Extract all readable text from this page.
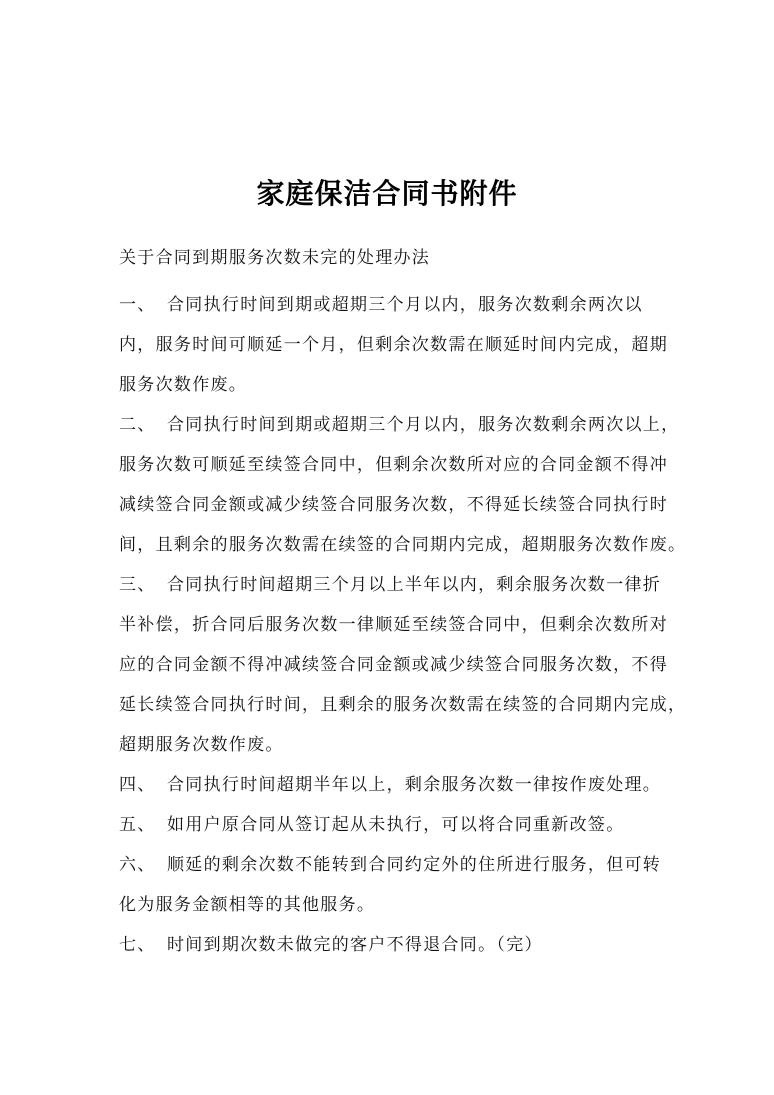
家庭保洁合同书附件

关于合同到期服务次数未完的处理办法

一、 合同执行时间到期或超期三个月以内，服务次数剩余两次以

内，服务时间可顺延一个月，但剩余次数需在顺延时间内完成，超期

服务次数作废。

二、 合同执行时间到期或超期三个月以内，服务次数剩余两次以上，

服务次数可顺延至续签合同中，但剩余次数所对应的合同金额不得冲

减续签合同金额或减少续签合同服务次数，不得延长续签合同执行时

间，且剩余的服务次数需在续签的合同期内完成，超期服务次数作废。

三、 合同执行时间超期三个月以上半年以内，剩余服务次数一律折

半补偿，折合同后服务次数一律顺延至续签合同中，但剩余次数所对

应的合同金额不得冲减续签合同金额或减少续签合同服务次数，不得

延长续签合同执行时间，且剩余的服务次数需在续签的合同期内完成，

超期服务次数作废。

四、 合同执行时间超期半年以上，剩余服务次数一律按作废处理。

五、 如用户原合同从签订起从未执行，可以将合同重新改签。

六、 顺延的剩余次数不能转到合同约定外的住所进行服务，但可转

化为服务金额相等的其他服务。

七、 时间到期次数未做完的客户不得退合同。（完）
